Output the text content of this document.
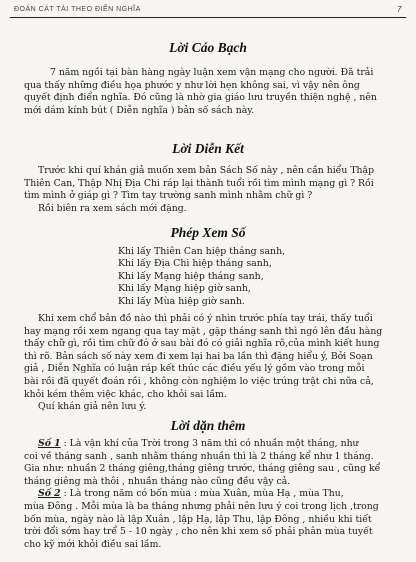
ĐOÁN CÁT TÀI THEO ĐIỂN NGHĨA	7
Lời Cáo Bạch
7 năm ngồi tại bàn hàng ngày luận xem vận mạng cho người. Đã trải
qua thấy những điều họa phước y như lời hẹn không sai, vì vậy nên ông
quyết định điển nghĩa. Đó cũng là nhờ gia giáo lưu truyền thiện nghệ , nên
mới dám kính bút ( Diễn nghĩa ) bản số sách này.
Lời Diễn Kết
Trước khi quí khán giả muốn xem bản Sách Số này , nên cần hiểu Thập
Thiên Can, Thập Nhị Địa Chi ráp lại thành tuổi rồi tìm mình mạng gì ? Rồi
tìm mình ở giáp gì ? Tìm tay trường sanh mình nhằm chữ gì ?
Rồi biên ra xem sách mới đặng.
Phép Xem Số
Khi lấy Thiên Can hiệp tháng sanh,
Khi lấy Địa Chi hiệp tháng sanh,
Khi lấy Mạng hiệp tháng sanh,
Khi lấy Mạng hiệp giờ sanh,
Khi lấy Mùa hiệp giờ sanh.
Khi xem chổ bản đồ nào thì phải có ý nhìn trước phía tay trái, thấy tuổi
hay mạng rồi xem ngang qua tay mặt , gặp tháng sanh thì ngó lên đầu hàng
thấy chữ gì, rồi tìm chữ đó ở sau bài đó có giải nghĩa rõ,của mình kiết hung
thì rõ. Bản sách số này xem đi xem lại hai ba lần thì đặng hiểu ý, Bởi Soạn
giả , Diễn Nghĩa có luận ráp kết thúc các điều yếu lý gồm vào trong mỗi
bài rồi đã quyết đoán rồi , không còn nghiệm lo việc trúng trật chi nữa cả,
khỏi kém thêm việc khác, cho khỏi sai lầm.
Quí khán giả nên lưu ý.
Lời dặn thêm
Số 1 : Là vận khí của Trời trong 3 năm thì có nhuần một tháng, như
coi về tháng sanh , sanh nhằm tháng nhuần thì là 2 tháng kể như 1 tháng.
Gia như: nhuần 2 tháng giêng,tháng giêng trước, tháng giêng sau , cũng kể
tháng giêng mà thôi , nhuần tháng nào cũng đều vậy cả.
Số 2 : Là trong năm có bốn mùa : mùa Xuân, mùa Hạ , mùa Thu,
mùa Đông . Mỗi mùa là ba tháng nhưng phải nên lưu ý coi trong lịch ,trong
bốn mùa, ngày nào là lập Xuân , lập Hạ, lập Thu, lập Đông , nhiều khi tiết
trời đổi sớm hay trể 5 - 10 ngày , cho nên khi xem số phải phân mùa tuyết
cho kỹ mới khỏi điều sai lầm.
